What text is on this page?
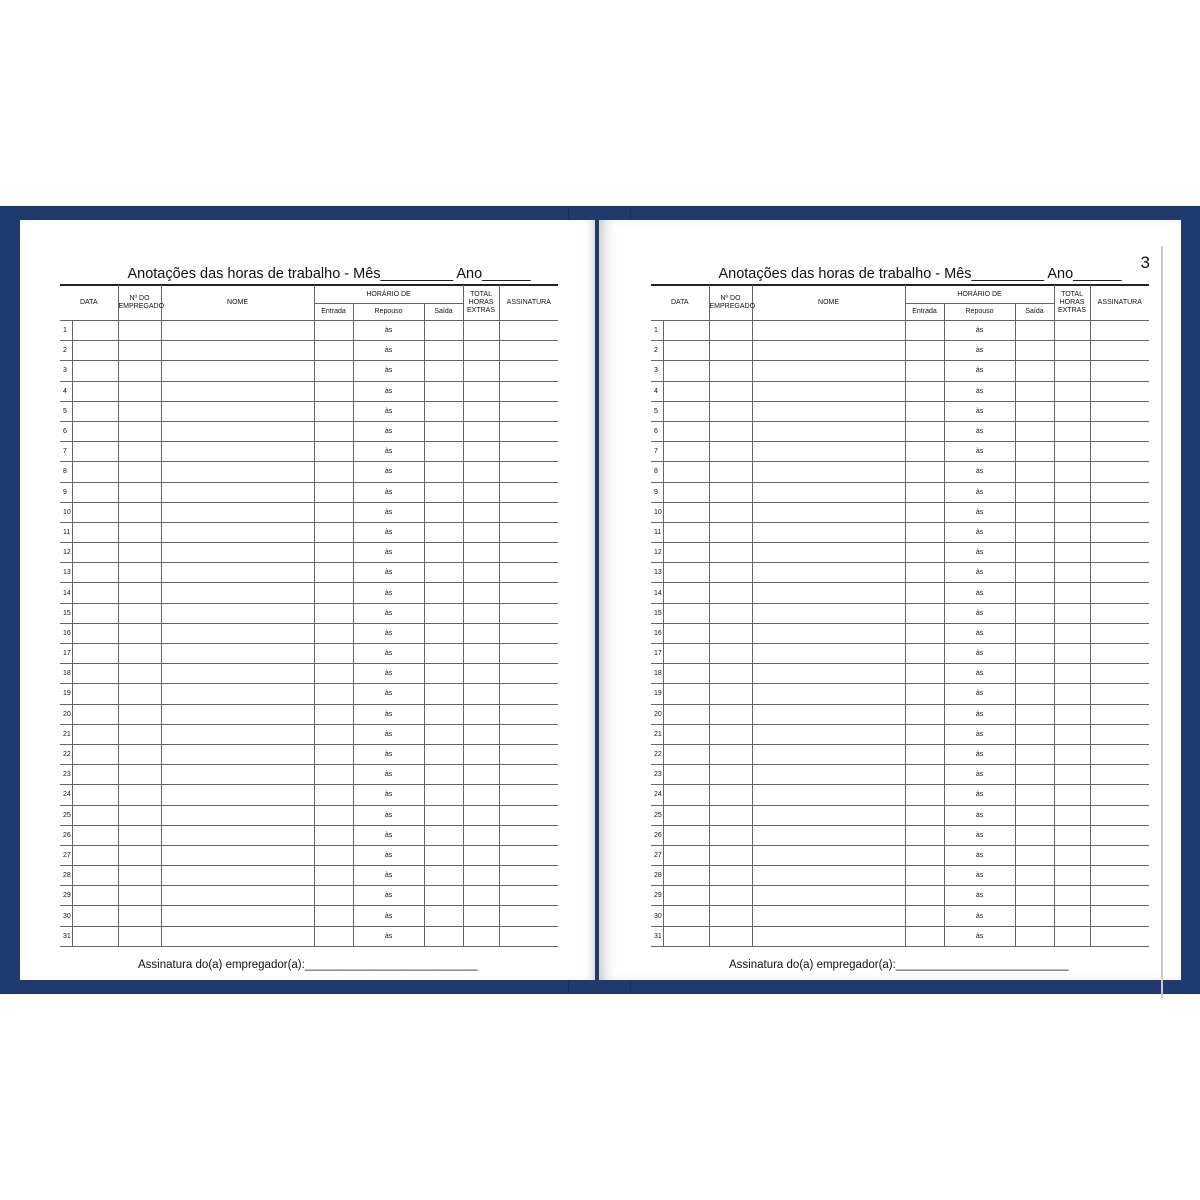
Anotações das horas de trabalho - Mês_________ Ano______
DATA		Nº DO EMPREGADO	NOME	HORÁRIO DE			TOTAL HORAS EXTRAS	ASSINATURA
				Entrada	Repouso	Saída		
1					às			
2					às			
3					às			
4					às			
5					às			
6					às			
7					às			
8					às			
9					às			
10					às			
11					às			
12					às			
13					às			
14					às			
15					às			
16					às			
17					às			
18					às			
19					às			
20					às			
21					às			
22					às			
23					às			
24					às			
25					às			
26					às			
27					às			
28					às			
29					às			
30					às			
31					às			
Assinatura do(a) empregador(a):___________________________
3
Anotações das horas de trabalho - Mês_________ Ano______
DATA		Nº DO EMPREGADO	NOME	HORÁRIO DE			TOTAL HORAS EXTRAS	ASSINATURA
				Entrada	Repouso	Saída		
1					às			
2					às			
3					às			
4					às			
5					às			
6					às			
7					às			
8					às			
9					às			
10					às			
11					às			
12					às			
13					às			
14					às			
15					às			
16					às			
17					às			
18					às			
19					às			
20					às			
21					às			
22					às			
23					às			
24					às			
25					às			
26					às			
27					às			
28					às			
29					às			
30					às			
31					às			
Assinatura do(a) empregador(a):___________________________
